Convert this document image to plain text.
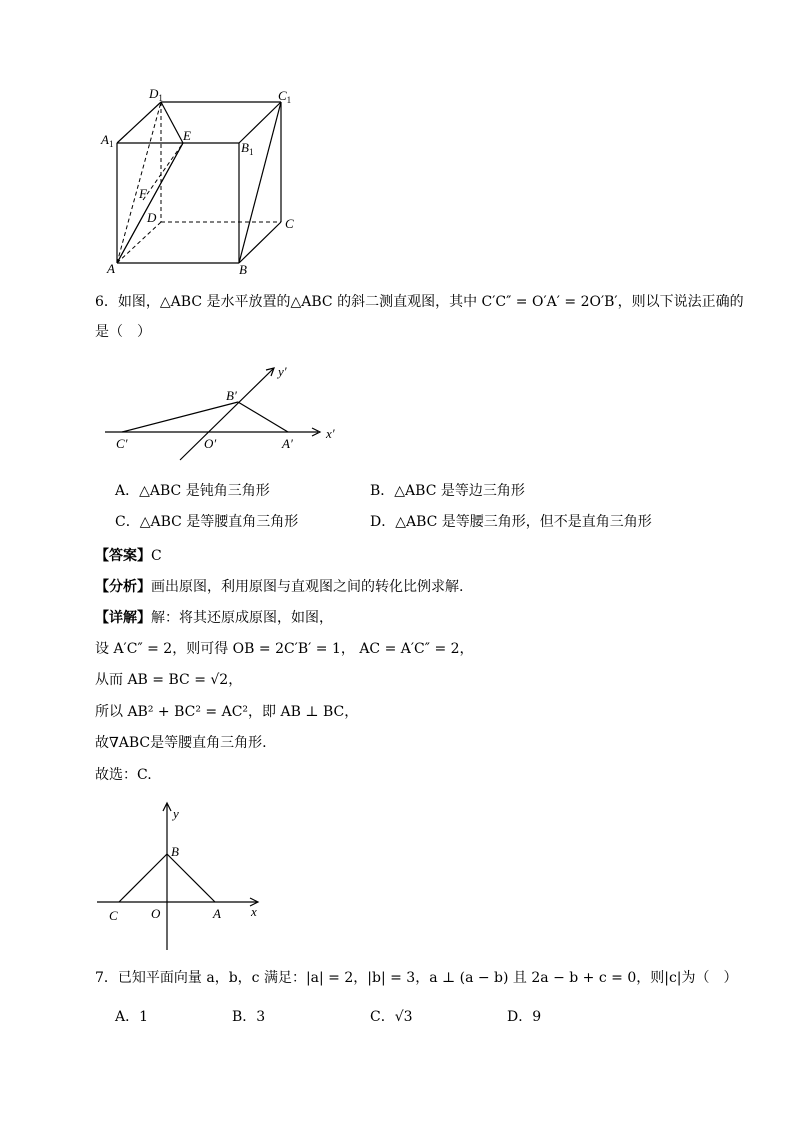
$D_1$	$C_1$
$A_1$	$B_1$
E
F
D	C
A	B
6．如图，△ABC 是水平放置的△ABC 的斜二测直观图，其中 C′C″ = O′A′ = 2O′B′，则以下说法正确的
是（　）
y′
B′
C′	O′	A′
x′
A．△ABC 是钝角三角形	B．△ABC 是等边三角形
C．△ABC 是等腰直角三角形	D．△ABC 是等腰三角形，但不是直角三角形
【答案】C
【分析】画出原图，利用原图与直观图之间的转化比例求解.
【详解】解：将其还原成原图，如图，
设 A′C″ = 2，则可得 OB = 2C′B′ = 1， AC = A′C″ = 2，
从而 AB = BC = √2，
所以 AB² + BC² = AC²，即 AB ⊥ BC，
故∇ABC是等腰直角三角形.
故选：C.
y
B
C	O	A x
7．已知平面向量 a，b，c 满足：|a| = 2，|b| = 3，a ⊥ (a − b) 且 2a − b + c = 0，则|c|为（　）
A．1	B．3	C．√3	D．9
